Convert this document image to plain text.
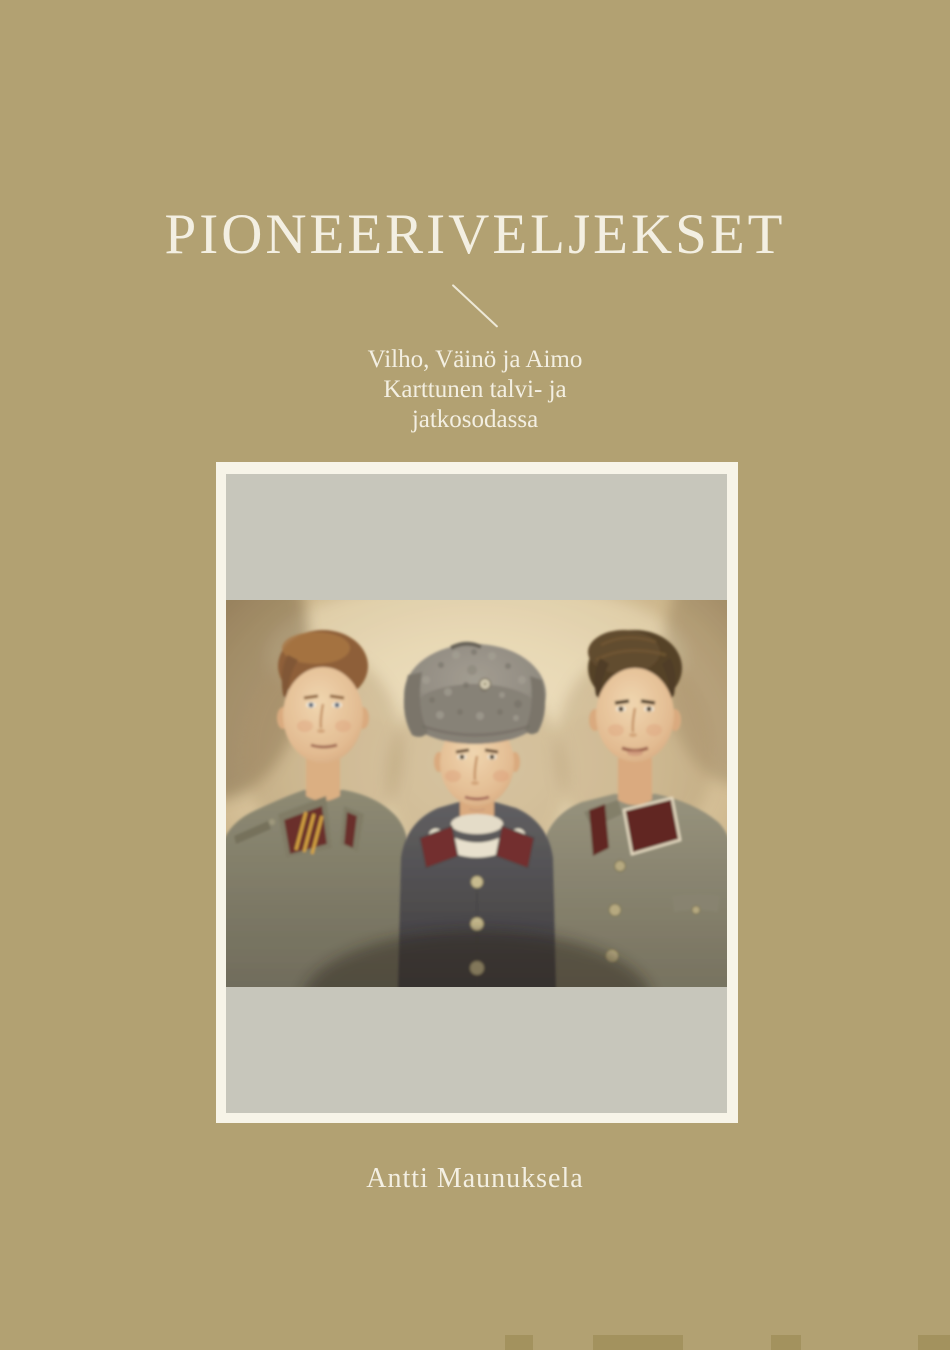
PIONEERIVELJEKSET
Vilho, Väinö ja Aimo
Karttunen talvi- ja
jatkosodassa
Antti Maunuksela
